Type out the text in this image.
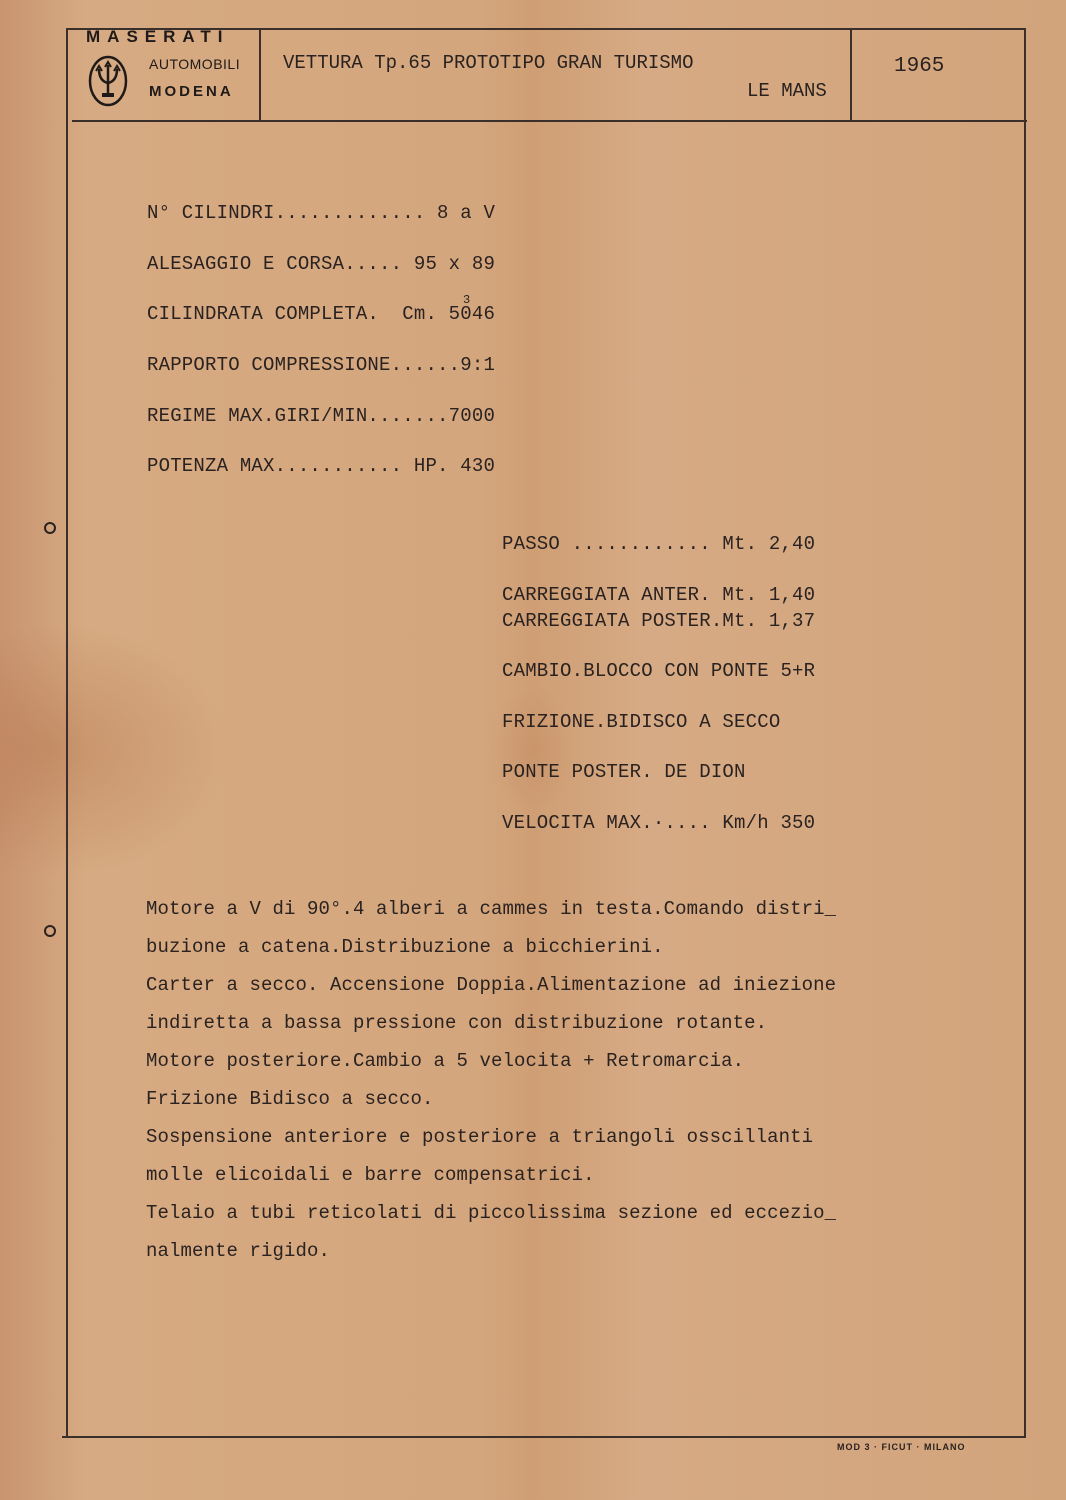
MASERATI
AUTOMOBILI
MODENA
VETTURA Tp.65 PROTOTIPO GRAN TURISMO
LE MANS
1965
N° CILINDRI............. 8 a V
ALESAGGIO E CORSA..... 95 x 89
CILINDRATA COMPLETA.  Cm. 5046
3
RAPPORTO COMPRESSIONE......9:1
REGIME MAX.GIRI/MIN.......7000
POTENZA MAX........... HP. 430
PASSO ............ Mt. 2,40
CARREGGIATA ANTER. Mt. 1,40
CARREGGIATA POSTER.Mt. 1,37
CAMBIO.BLOCCO CON PONTE 5+R
FRIZIONE.BIDISCO A SECCO
PONTE POSTER. DE DION
VELOCITA MAX.·.... Km/h 350
Motore a V di 90°.4 alberi a cammes in testa.Comando distri_
buzione a catena.Distribuzione a bicchierini.
Carter a secco. Accensione Doppia.Alimentazione ad iniezione
indiretta a bassa pressione con distribuzione rotante.
Motore posteriore.Cambio a 5 velocita + Retromarcia.
Frizione Bidisco a secco.
Sospensione anteriore e posteriore a triangoli osscillanti
molle elicoidali e barre compensatrici.
Telaio a tubi reticolati di piccolissima sezione ed eccezio_
nalmente rigido.
MOD 3 · FICUT · MILANO
